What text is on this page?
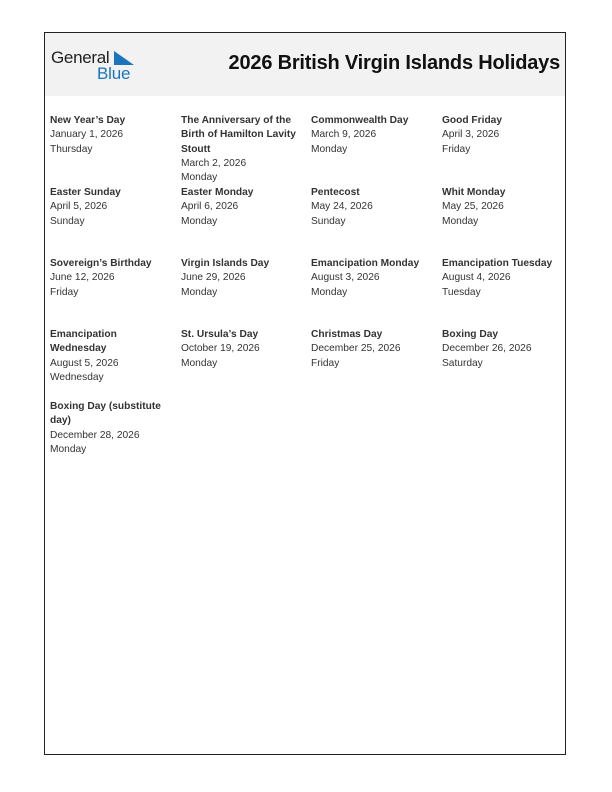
General
Blue	2026 British Virgin Islands Holidays
New Year’s Day
January 1, 2026
Thursday
The Anniversary of the Birth of Hamilton Lavity Stoutt
March 2, 2026
Monday
Commonwealth Day
March 9, 2026
Monday
Good Friday
April 3, 2026
Friday
Easter Sunday
April 5, 2026
Sunday
Easter Monday
April 6, 2026
Monday
Pentecost
May 24, 2026
Sunday
Whit Monday
May 25, 2026
Monday
Sovereign’s Birthday
June 12, 2026
Friday
Virgin Islands Day
June 29, 2026
Monday
Emancipation Monday
August 3, 2026
Monday
Emancipation Tuesday
August 4, 2026
Tuesday
Emancipation Wednesday
August 5, 2026
Wednesday
St. Ursula’s Day
October 19, 2026
Monday
Christmas Day
December 25, 2026
Friday
Boxing Day
December 26, 2026
Saturday
Boxing Day (substitute day)
December 28, 2026
Monday
